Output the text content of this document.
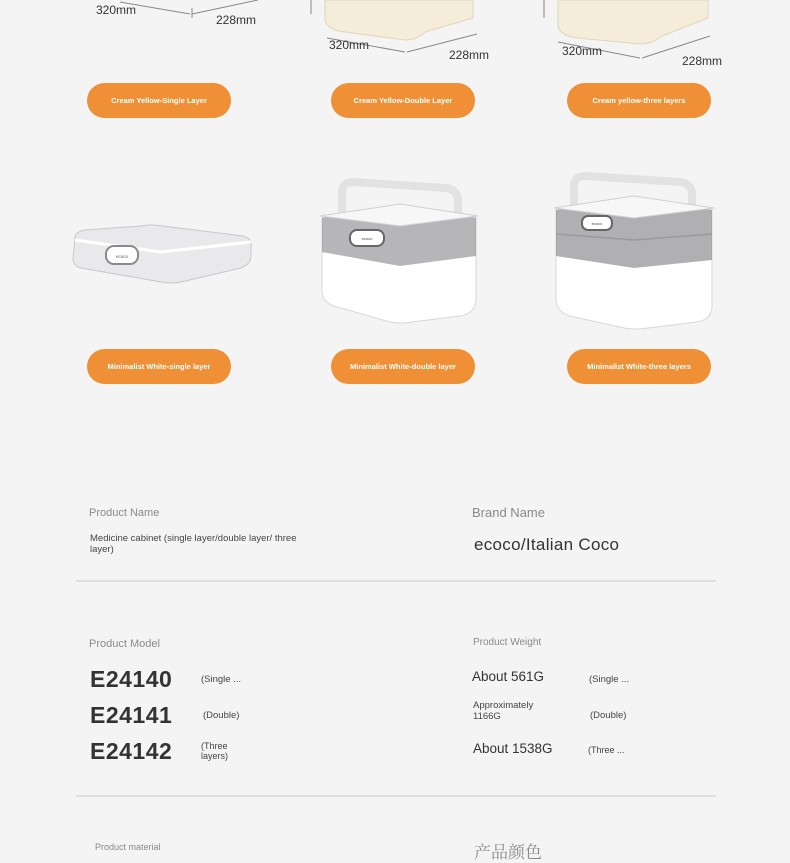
320mm
228mm
320mm
228mm	320mm
228mm
Cream Yellow-Single Layer	Cream Yellow-Double Layer	Cream yellow-three layers
ecoco
ecoco
ecoco
Minimalist White-single layer	Minimalist White-double layer	Minimalist White-three layers
Product Name
Medicine cabinet (single layer/double layer/ three layer)
Brand Name
ecoco/Italian Coco
Product Model
E24140	(Single ...
E24141	(Double)
E24142	(Three layers)
Product Weight
About 561G	(Single ...
Approximately 1166G	(Double)
About 1538G	(Three ...
Product material	产品颜色
